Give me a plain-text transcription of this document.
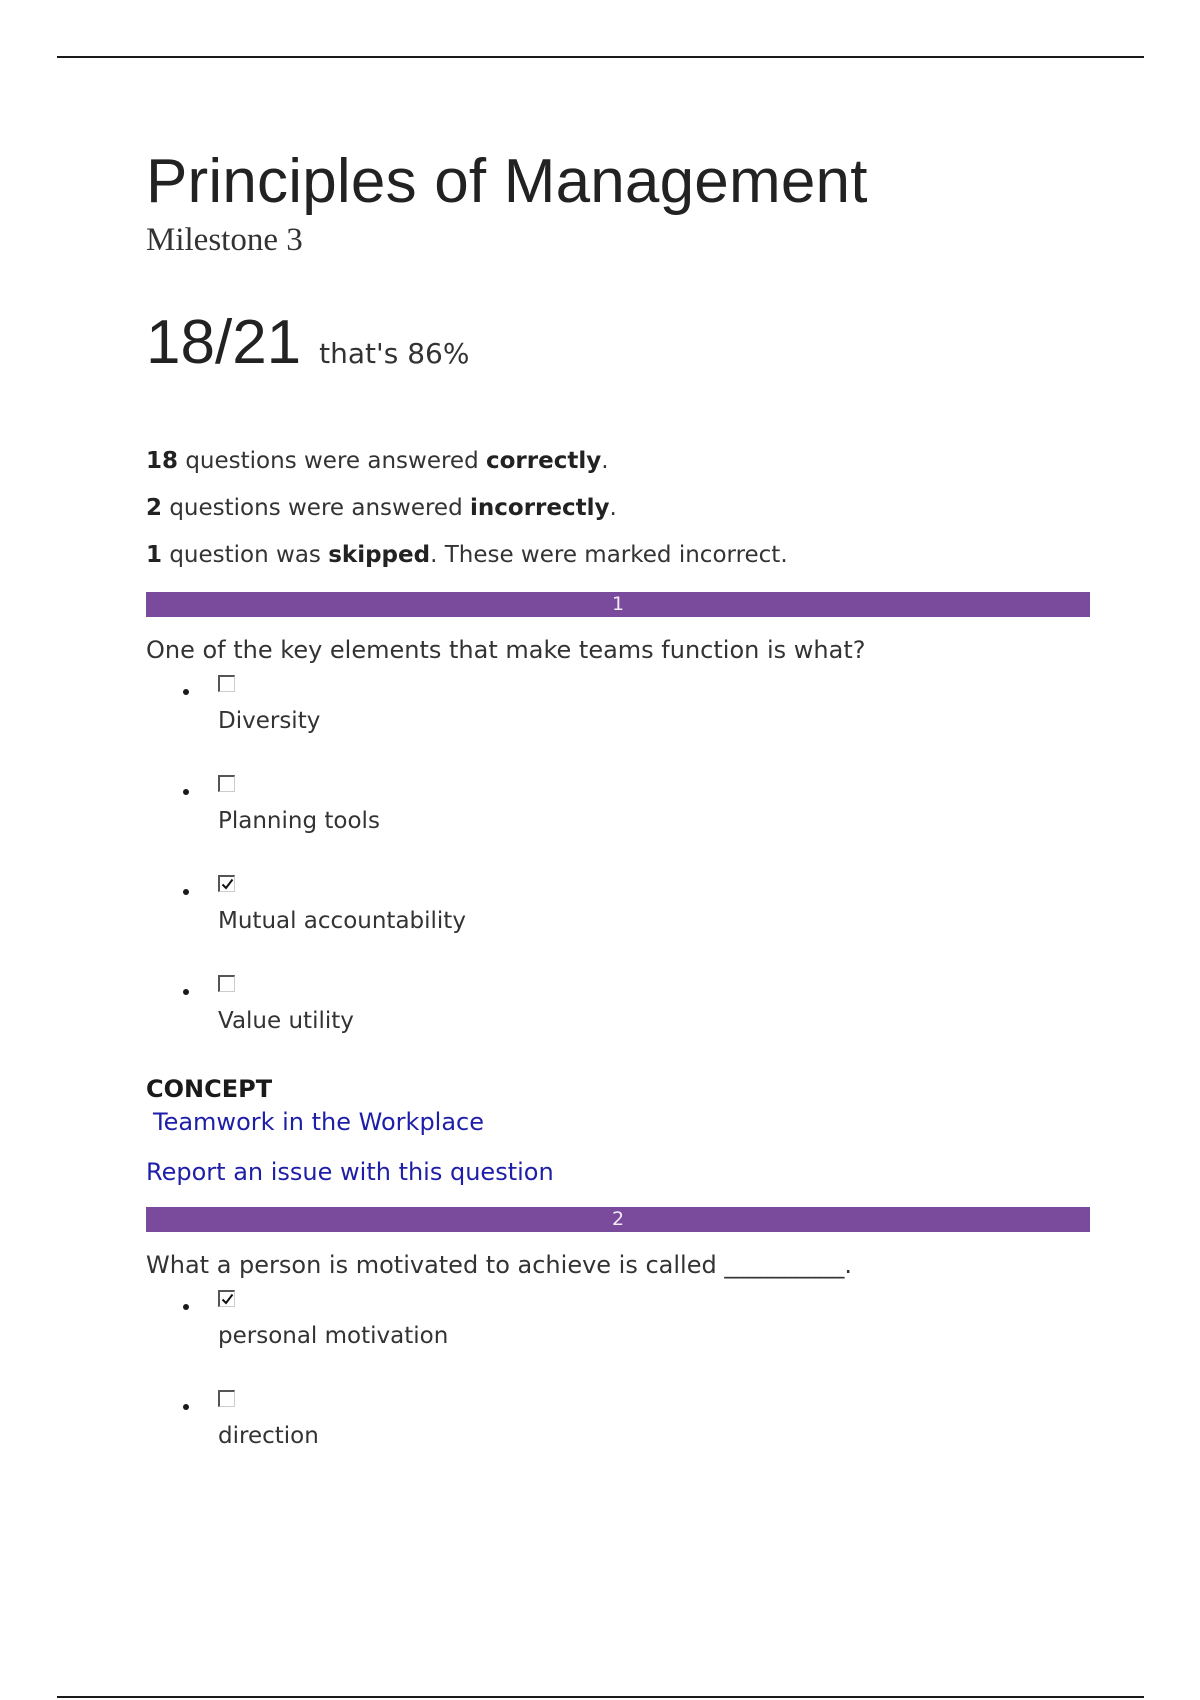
Principles of Management
Milestone 3
18/21 that's 86%
18 questions were answered correctly.
2 questions were answered incorrectly.
1 question was skipped. These were marked incorrect.
1
One of the key elements that make teams function is what?
Diversity
Planning tools
Mutual accountability
Value utility
CONCEPT
Teamwork in the Workplace
Report an issue with this question
2
What a person is motivated to achieve is called __________.
personal motivation
direction
